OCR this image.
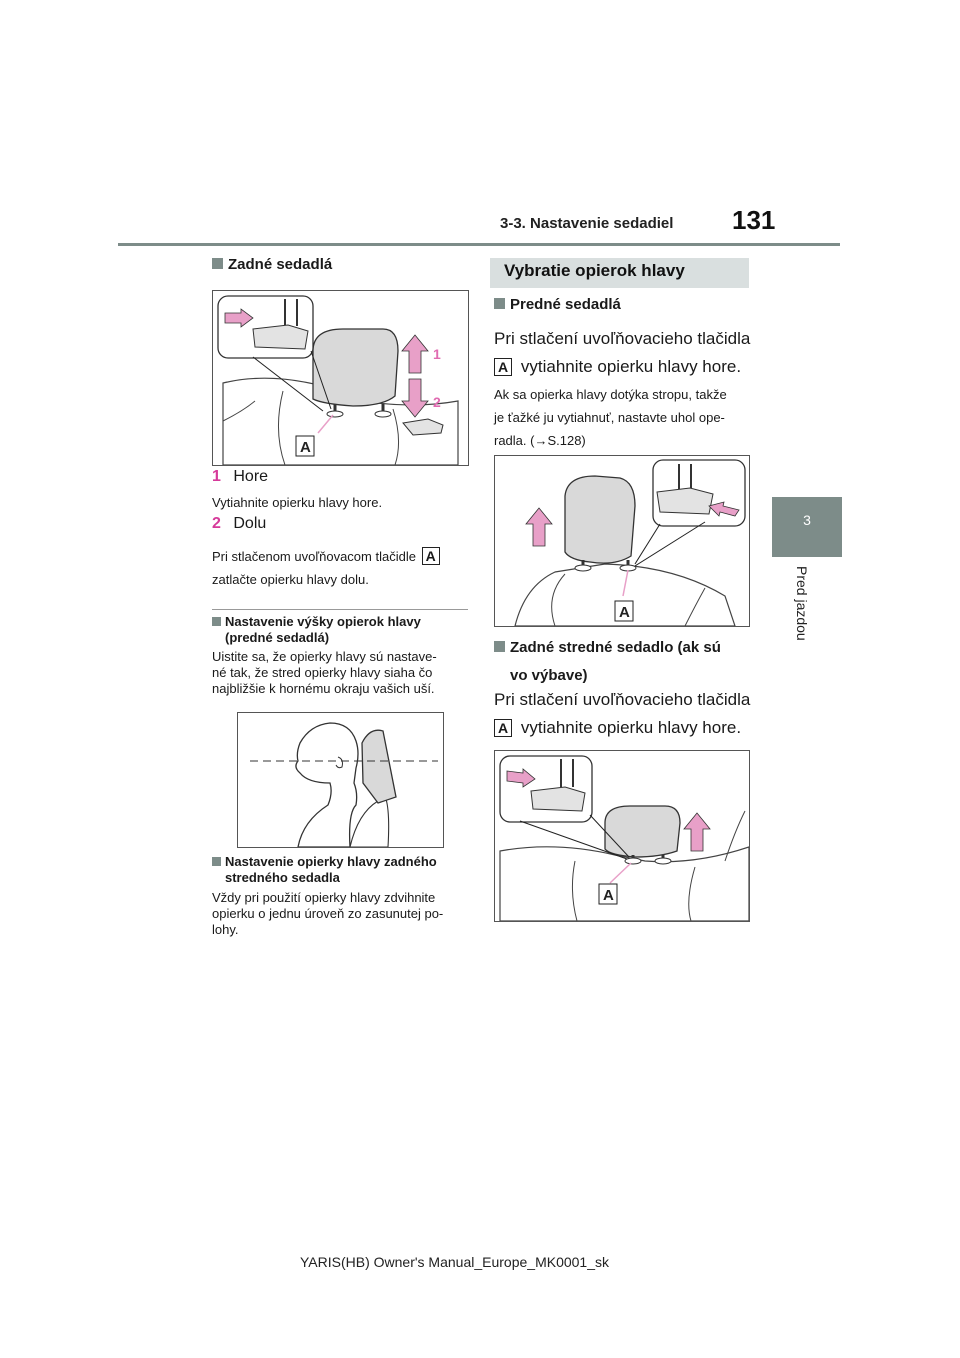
3-3. Nastavenie sedadiel 131
3
Pred jazdou
Zadné sedadlá
1
2
A
1 Hore
Vytiahnite opierku hlavy hore.
2 Dolu
Pri stlačenom uvoľňovacom tlačidle A
zatlačte opierku hlavy dolu.
Nastavenie výšky opierok hlavy
(predné sedadlá)
Uistite sa, že opierky hlavy sú nastave-
né tak, že stred opierky hlavy siaha čo
najbližšie k hornému okraju vašich uší.
Nastavenie opierky hlavy zadného
stredného sedadla
Vždy pri použití opierky hlavy zdvihnite
opierku o jednu úroveň zo zasunutej po-
lohy.
Vybratie opierok hlavy
Predné sedadlá
Pri stlačení uvoľňovacieho tlačidla
A vytiahnite opierku hlavy hore.
Ak sa opierka hlavy dotýka stropu, takže
je ťažké ju vytiahnuť, nastavte uhol ope-
radla. (→S.128)
A
Zadné stredné sedadlo (ak sú
vo výbave)
Pri stlačení uvoľňovacieho tlačidla
A vytiahnite opierku hlavy hore.
A
YARIS(HB) Owner's Manual_Europe_MK0001_sk
